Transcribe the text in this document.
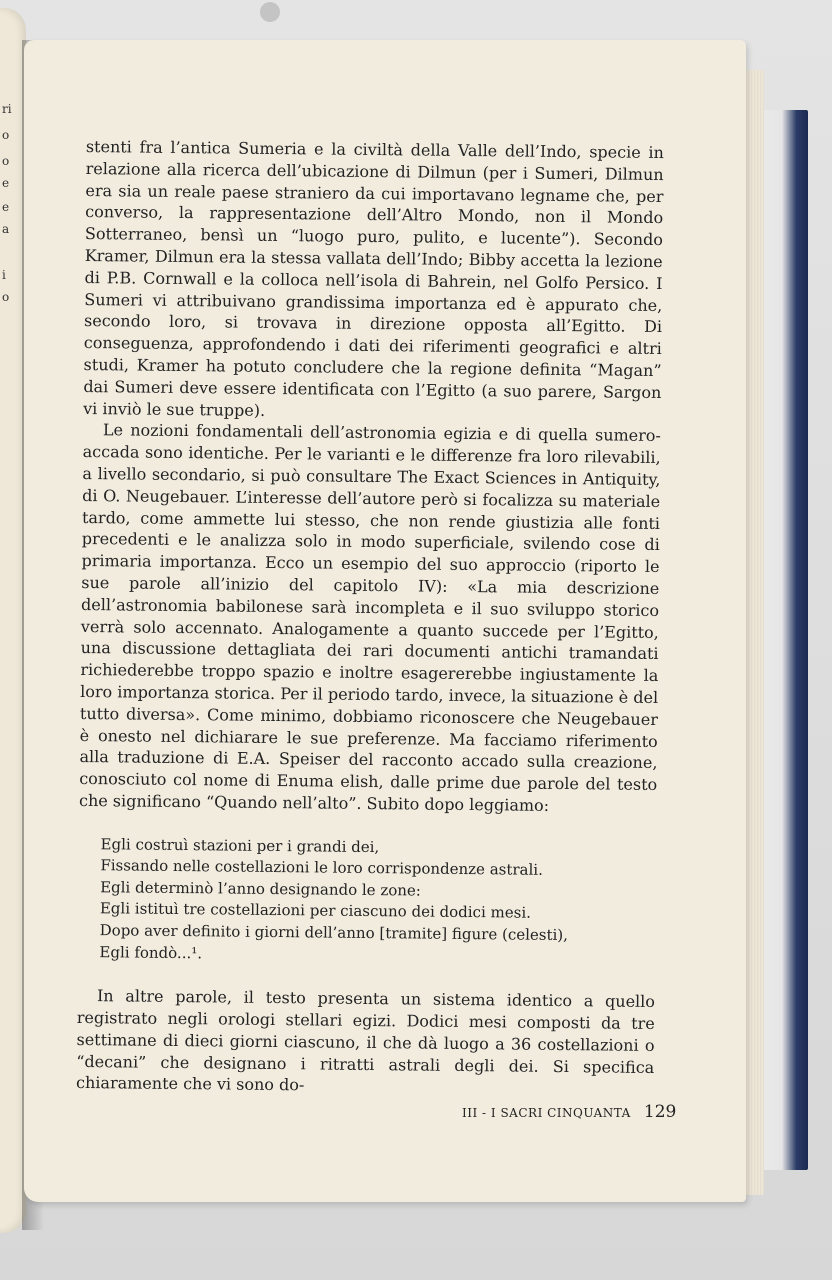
ri
o
o
e
e
a
i
o

stenti fra l’antica Sumeria e la civiltà della Valle dell’Indo, specie in relazione alla ricerca dell’ubicazione di Dilmun (per i Sumeri, Dilmun era sia un reale paese straniero da cui importavano legname che, per converso, la rappresentazione dell’Altro Mondo, non il Mondo Sotterraneo, bensì un “luogo puro, pulito, e lucente”). Secondo Kramer, Dilmun era la stessa vallata dell’Indo; Bibby accetta la lezione di P.B. Cornwall e la colloca nell’isola di Bahrein, nel Golfo Persico. I Sumeri vi attribuivano grandissima importanza ed è appurato che, secondo loro, si trovava in direzione opposta all’Egitto. Di conseguenza, approfondendo i dati dei riferimenti geografici e altri studi, Kramer ha potuto concludere che la regione definita “Magan” dai Sumeri deve essere identificata con l’Egitto (a suo parere, Sargon vi inviò le sue truppe).

Le nozioni fondamentali dell’astronomia egizia e di quella sumero-accada sono identiche. Per le varianti e le differenze fra loro rilevabili, a livello secondario, si può consultare The Exact Sciences in Antiquity, di O. Neugebauer. L’interesse dell’autore però si focalizza su materiale tardo, come ammette lui stesso, che non rende giustizia alle fonti precedenti e le analizza solo in modo superficiale, svilendo cose di primaria importanza. Ecco un esempio del suo approccio (riporto le sue parole all’inizio del capitolo IV): «La mia descrizione dell’astronomia babilonese sarà incompleta e il suo sviluppo storico verrà solo accennato. Analogamente a quanto succede per l’Egitto, una discussione dettagliata dei rari documenti antichi tramandati richiederebbe troppo spazio e inoltre esagererebbe ingiustamente la loro importanza storica. Per il periodo tardo, invece, la situazione è del tutto diversa». Come minimo, dobbiamo riconoscere che Neugebauer è onesto nel dichiarare le sue preferenze. Ma facciamo riferimento alla traduzione di E.A. Speiser del racconto accado sulla creazione, conosciuto col nome di Enuma elish, dalle prime due parole del testo che significano “Quando nell’alto”. Subito dopo leggiamo:

Egli costruì stazioni per i grandi dei,
Fissando nelle costellazioni le loro corrispondenze astrali.
Egli determinò l’anno designando le zone:
Egli istituì tre costellazioni per ciascuno dei dodici mesi.
Dopo aver definito i giorni dell’anno [tramite] figure (celesti),
Egli fondò...¹.

In altre parole, il testo presenta un sistema identico a quello registrato negli orologi stellari egizi. Dodici mesi composti da tre settimane di dieci giorni ciascuno, il che dà luogo a 36 costellazioni o “decani” che designano i ritratti astrali degli dei. Si specifica chiaramente che vi sono do-

III - I SACRI CINQUANTA 129
